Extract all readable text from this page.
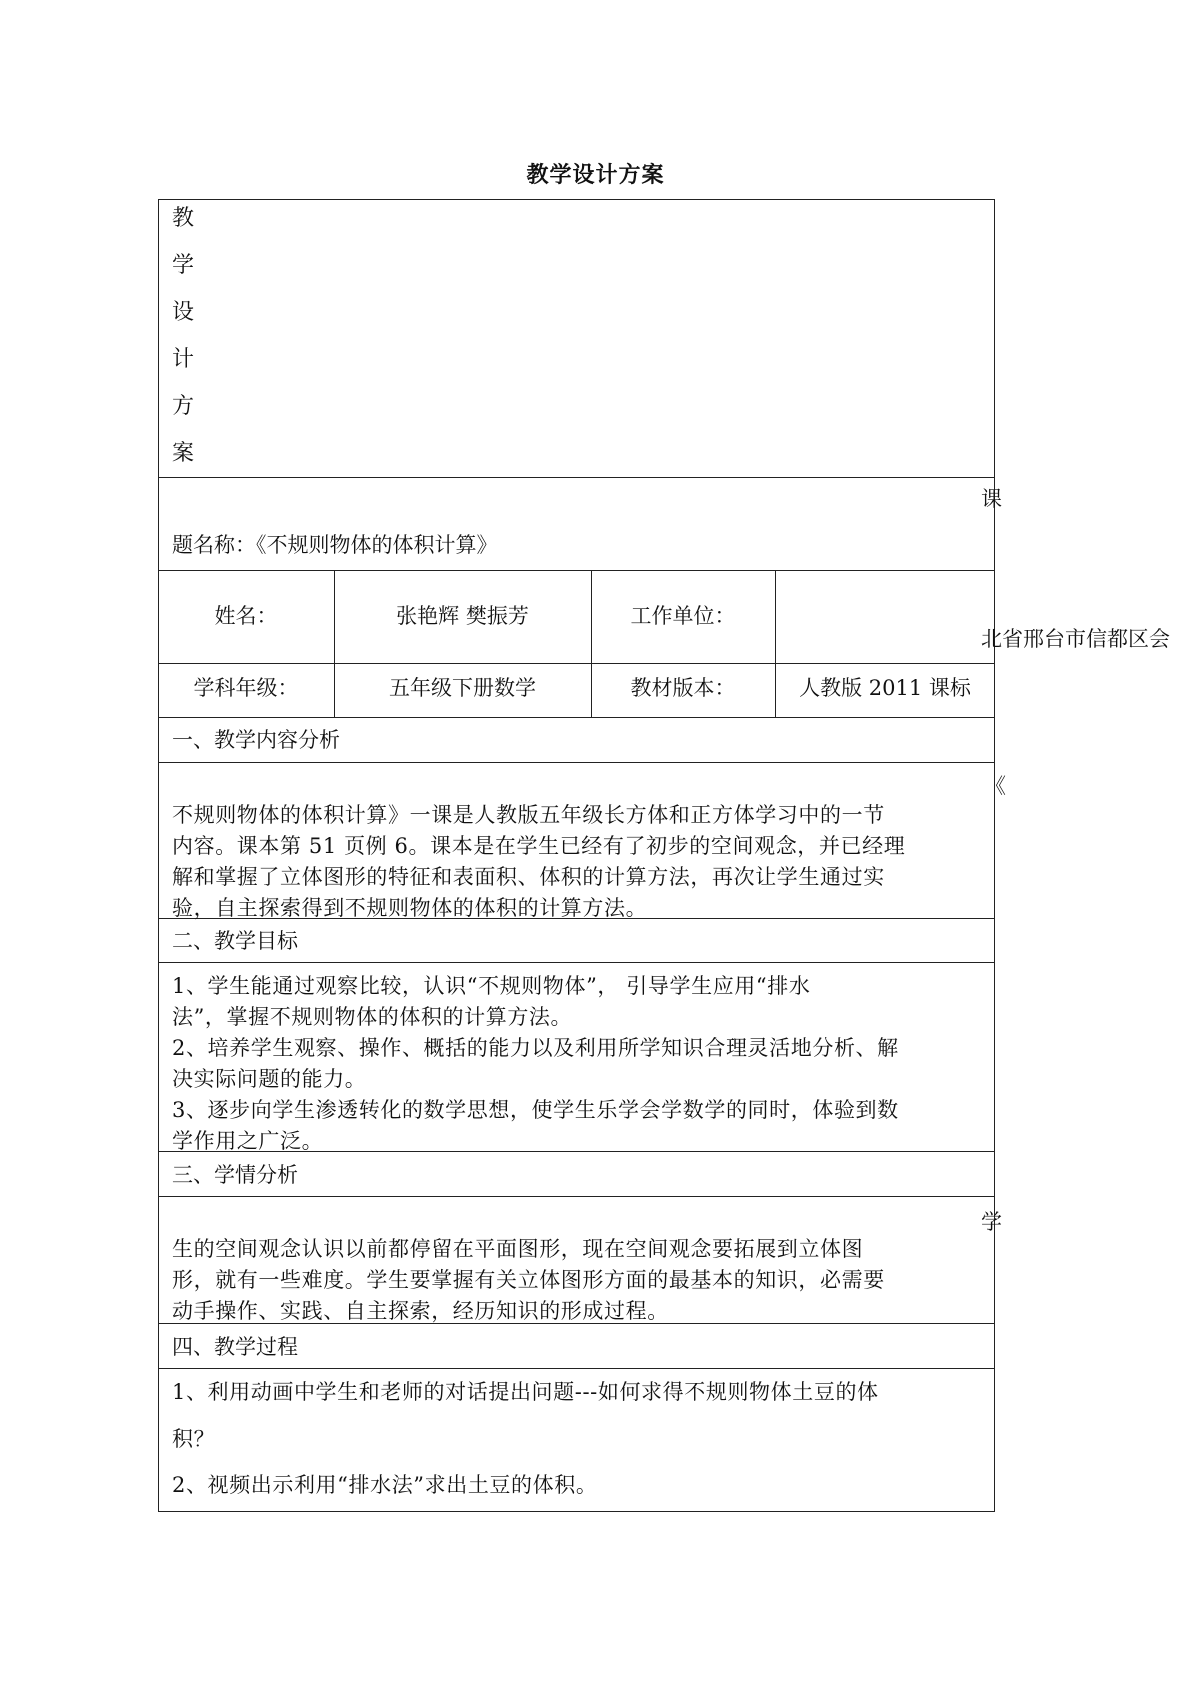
教学设计方案
教
学
设
计
方
案
课
题名称：《不规则物体的体积计算》
姓名：	张艳辉 樊振芳	工作单位：
北省邢台市信都区会
学科年级：	五年级下册数学	教材版本：	人教版 2011 课标
一、教学内容分析
《
不规则物体的体积计算》一课是人教版五年级长方体和正方体学习中的一节
内容。课本第 51 页例 6。课本是在学生已经有了初步的空间观念，并已经理
解和掌握了立体图形的特征和表面积、体积的计算方法，再次让学生通过实
验，自主探索得到不规则物体的体积的计算方法。
二、教学目标
1、学生能通过观察比较，认识“不规则物体”， 引导学生应用“排水
法”，掌握不规则物体的体积的计算方法。
2、培养学生观察、操作、概括的能力以及利用所学知识合理灵活地分析、解
决实际问题的能力。
3、逐步向学生渗透转化的数学思想，使学生乐学会学数学的同时，体验到数
学作用之广泛。
三、学情分析
学
生的空间观念认识以前都停留在平面图形，现在空间观念要拓展到立体图
形，就有一些难度。学生要掌握有关立体图形方面的最基本的知识，必需要
动手操作、实践、自主探索，经历知识的形成过程。
四、教学过程
1、利用动画中学生和老师的对话提出问题---如何求得不规则物体土豆的体
积？
2、视频出示利用“排水法”求出土豆的体积。
